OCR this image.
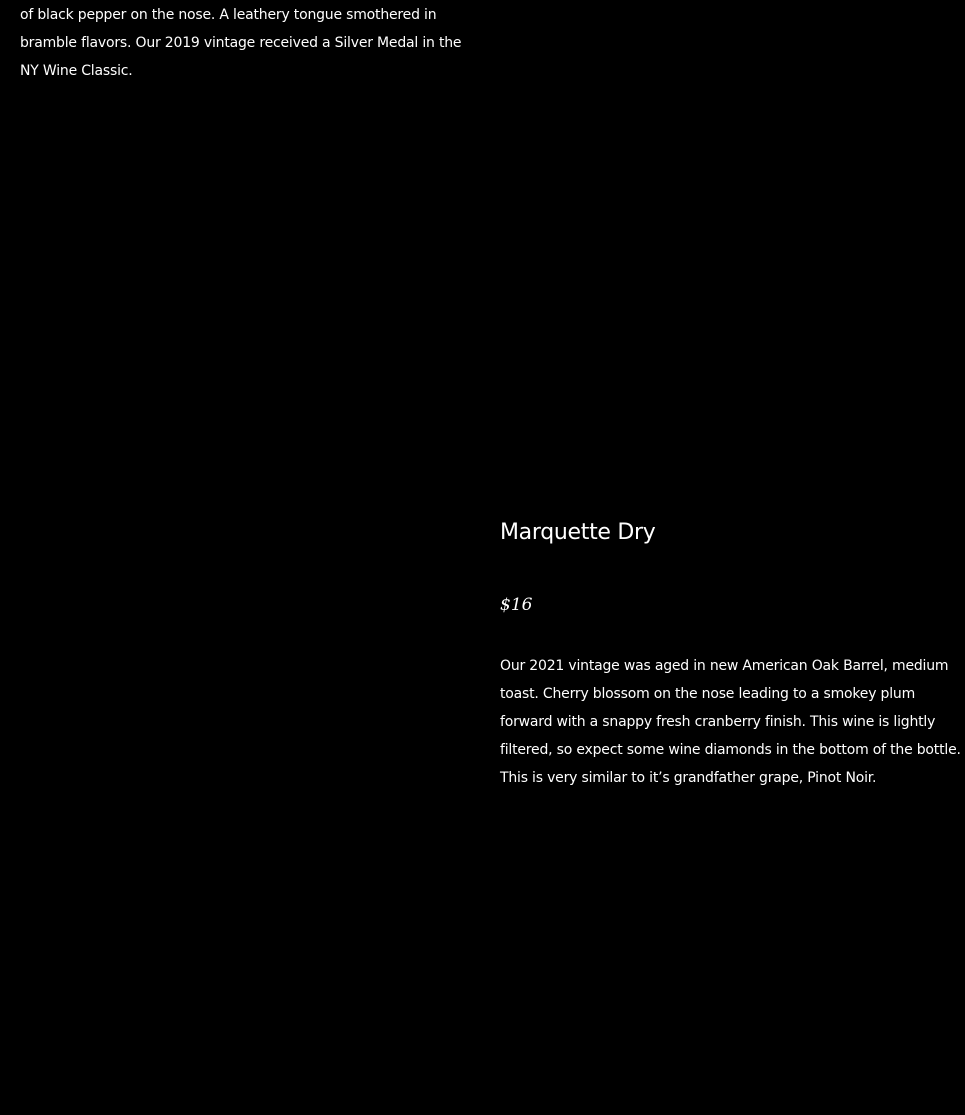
of black pepper on the nose. A leathery tongue smothered in bramble flavors. Our 2019 vintage received a Silver Medal in the NY Wine Classic.

Marquette Dry

$16

Our 2021 vintage was aged in new American Oak Barrel, medium toast. Cherry blossom on the nose leading to a smokey plum forward with a snappy fresh cranberry finish. This wine is lightly filtered, so expect some wine diamonds in the bottom of the bottle. This is very similar to it’s grandfather grape, Pinot Noir.
